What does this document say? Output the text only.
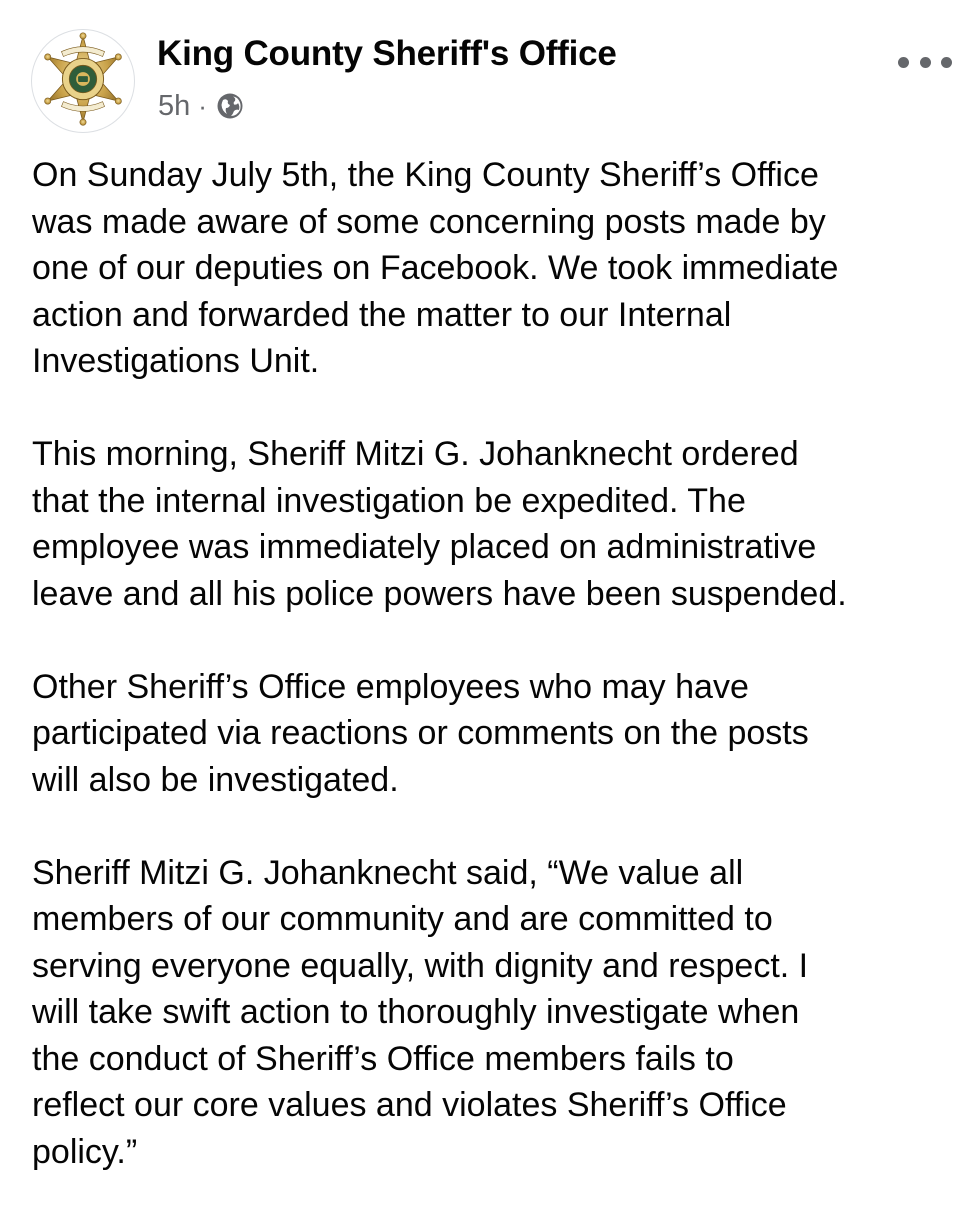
King County Sheriff's Office
5h ·
On Sunday July 5th, the King County Sheriff’s Office
was made aware of some concerning posts made by
one of our deputies on Facebook. We took immediate
action and forwarded the matter to our Internal
Investigations Unit.
This morning, Sheriff Mitzi G. Johanknecht ordered
that the internal investigation be expedited. The
employee was immediately placed on administrative
leave and all his police powers have been suspended.
Other Sheriff’s Office employees who may have
participated via reactions or comments on the posts
will also be investigated.
Sheriff Mitzi G. Johanknecht said, “We value all
members of our community and are committed to
serving everyone equally, with dignity and respect. I
will take swift action to thoroughly investigate when
the conduct of Sheriff’s Office members fails to
reflect our core values and violates Sheriff’s Office
policy.”
